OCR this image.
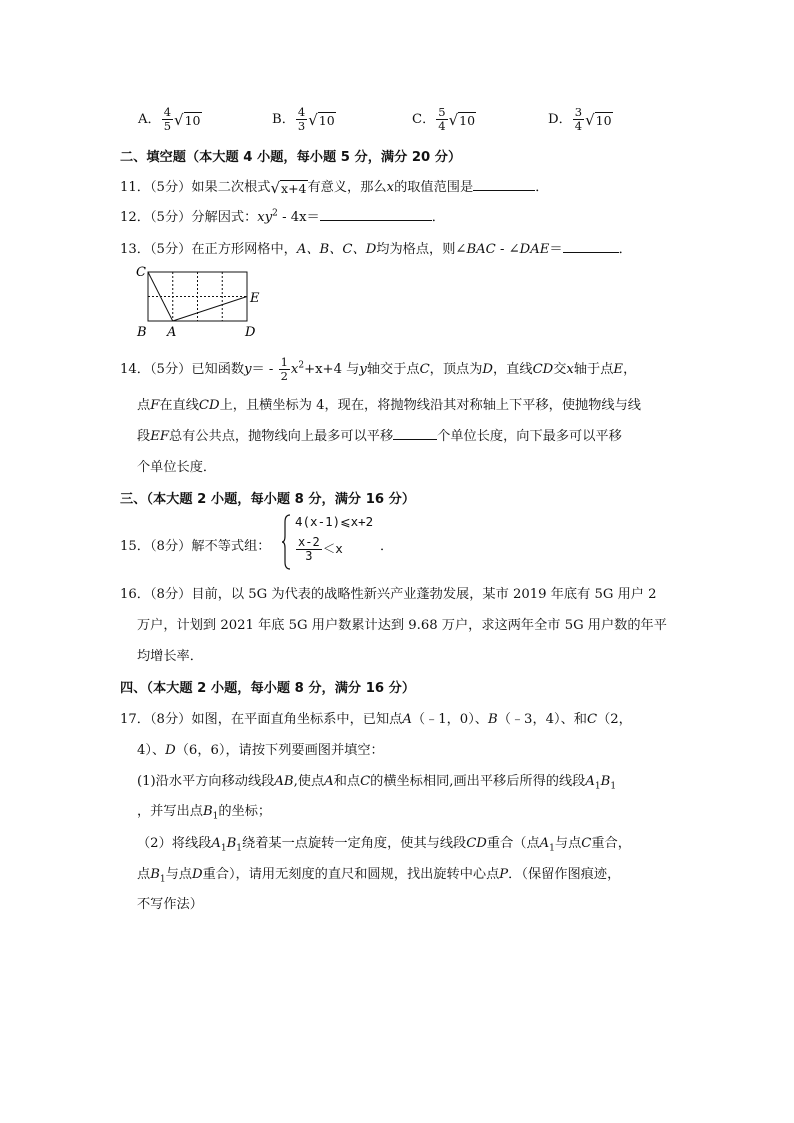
A． $\frac{4}{5} √10$	B． $\frac{4}{3} √10$	C． $\frac{5}{4} √10$	D． $\frac{3}{4} √10$
二、填空题（本大题 4 小题，每小题 5 分，满分 20 分）
11．（5分）如果二次根式√x+4有意义，那么x的取值范围是	．
12．（5分）分解因式：$xy^2 - 4x=$	．
13．（5分）在正方形网格中，A、B、C、D均为格点，则∠BAC - ∠DAE＝	．
C
B A	D
E
14．（5分）已知函数$y= - \frac{1}{2} x^2+x+4$ 与y轴交于点C，顶点为D，直线CD交x轴于点E，
点F在直线CD上，且横坐标为 4，现在，将抛物线沿其对称轴上下平移，使抛物线与线
段EF总有公共点，抛物线向上最多可以平移	个单位长度，向下最多可以平移
个单位长度．
三、（本大题 2 小题，每小题 8 分，满分 16 分）
15．（8分）解不等式组：
4(x-1)⩽x+2
$\frac{x-2}{3} <x$	．
16．（8分）目前，以 5G 为代表的战略性新兴产业蓬勃发展，某市 2019 年底有 5G 用户 2
万户，计划到 2021 年底 5G 用户数累计达到 9.68 万户，求这两年全市 5G 用户数的年平
均增长率．
四、（本大题 2 小题，每小题 8 分，满分 16 分）
17．（8分）如图，在平面直角坐标系中，已知点A（﹣1，0）、B（﹣3，4）、和C（2，
4）、D（6，6），请按下列要画图并填空：
(1)沿水平方向移动线段AB,使点A和点C的横坐标相同,画出平移后所得的线段$A_1B_1$
，并写出点$B_1$的坐标；
（2）将线段$A_1B_1$绕着某一点旋转一定角度，使其与线段CD重合（点$A_1$与点C重合，
点$B_1$与点D重合），请用无刻度的直尺和圆规，找出旋转中心点P．（保留作图痕迹，
不写作法）
